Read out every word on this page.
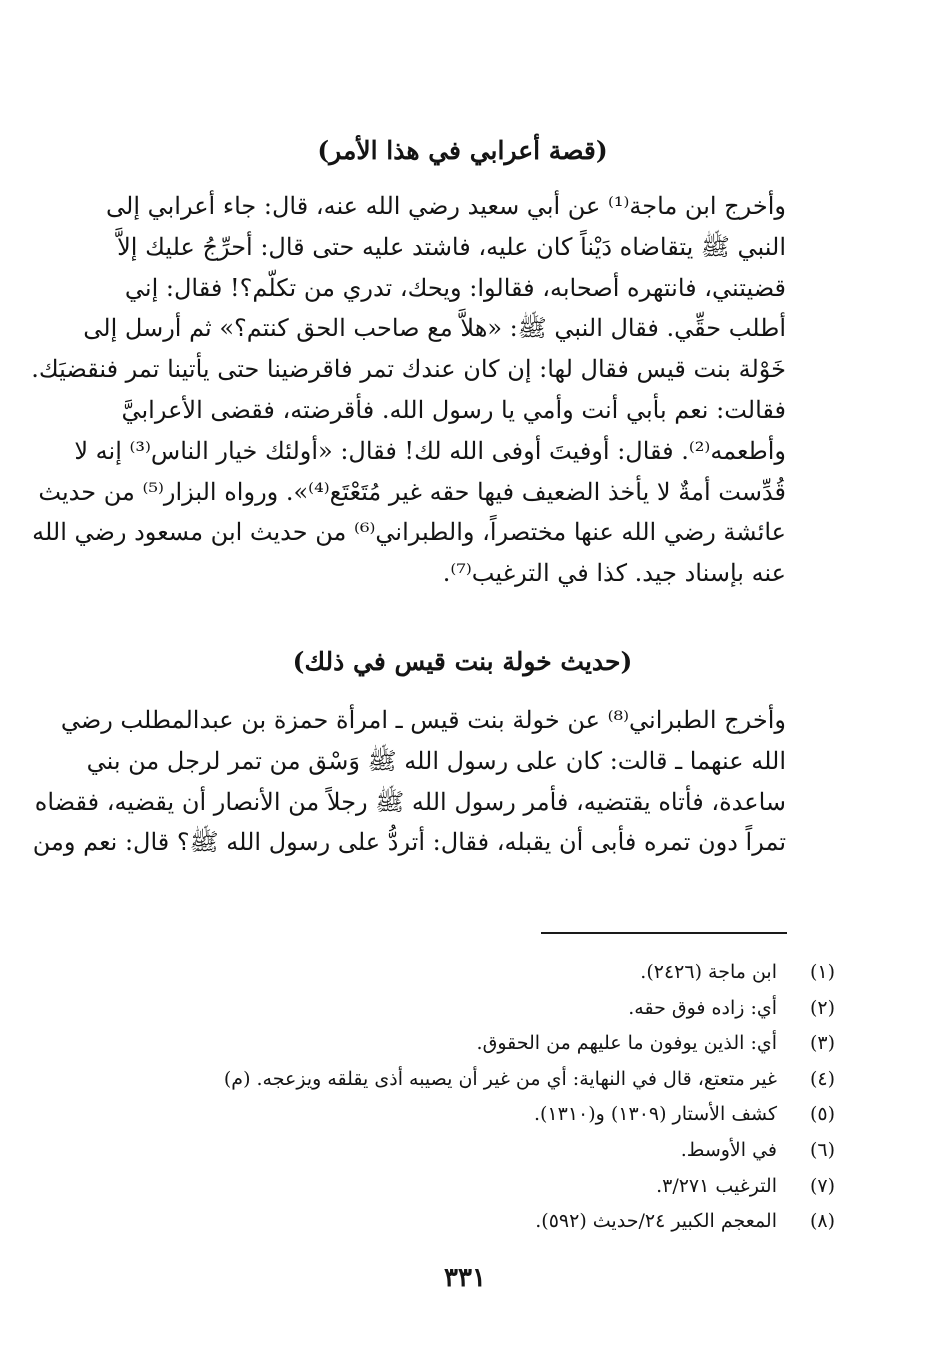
(قصة أعرابي في هذا الأمر)
وأخرج ابن ماجة⁽¹⁾ عن أبي سعيد رضي الله عنه، قال: جاء أعرابي إلى
النبي ﷺ يتقاضاه دَيْناً كان عليه، فاشتد عليه حتى قال: أحرِّجُ عليك إلاَّ
قضيتني، فانتهره أصحابه، فقالوا: ويحك، تدري من تكلّم؟! فقال: إني
أطلب حقِّي. فقال النبي ﷺ: «هلاَّ مع صاحب الحق كنتم؟» ثم أرسل إلى
خَوْلة بنت قيس فقال لها: إن كان عندك تمر فاقرضينا حتى يأتينا تمر فنقضيَك.
فقالت: نعم بأبي أنت وأمي يا رسول الله. فأقرضته، فقضى الأعرابيَّ
وأطعمه⁽²⁾. فقال: أوفيتَ أوفى الله لك! فقال: «أولئك خيار الناس⁽³⁾ إنه لا
قُدِّست أمةٌ لا يأخذ الضعيف فيها حقه غير مُتَعْتَع⁽⁴⁾». ورواه البزار⁽⁵⁾ من حديث
عائشة رضي الله عنها مختصراً، والطبراني⁽⁶⁾ من حديث ابن مسعود رضي الله
عنه بإسناد جيد. كذا في الترغيب⁽⁷⁾.
(حديث خولة بنت قيس في ذلك)
وأخرج الطبراني⁽⁸⁾ عن خولة بنت قيس ـ امرأة حمزة بن عبدالمطلب رضي
الله عنهما ـ قالت: كان على رسول الله ﷺ وَسْق من تمر لرجل من بني
ساعدة، فأتاه يقتضيه، فأمر رسول الله ﷺ رجلاً من الأنصار أن يقضيه، فقضاه
تمراً دون تمره فأبى أن يقبله، فقال: أتردُّ على رسول الله ﷺ؟ قال: نعم ومن
(١)
ابن ماجة (٢٤٢٦).
(٢)
أي: زاده فوق حقه.
(٣)
أي: الذين يوفون ما عليهم من الحقوق.
(٤)
غير متعتع، قال في النهاية: أي من غير أن يصيبه أذى يقلقه ويزعجه. (م)
(٥)
كشف الأستار (١٣٠٩) و(١٣١٠).
(٦)
في الأوسط.
(٧)
الترغيب ٣/٢٧١.
(٨)
المعجم الكبير ٢٤/حديث (٥٩٢).
٣٣١
